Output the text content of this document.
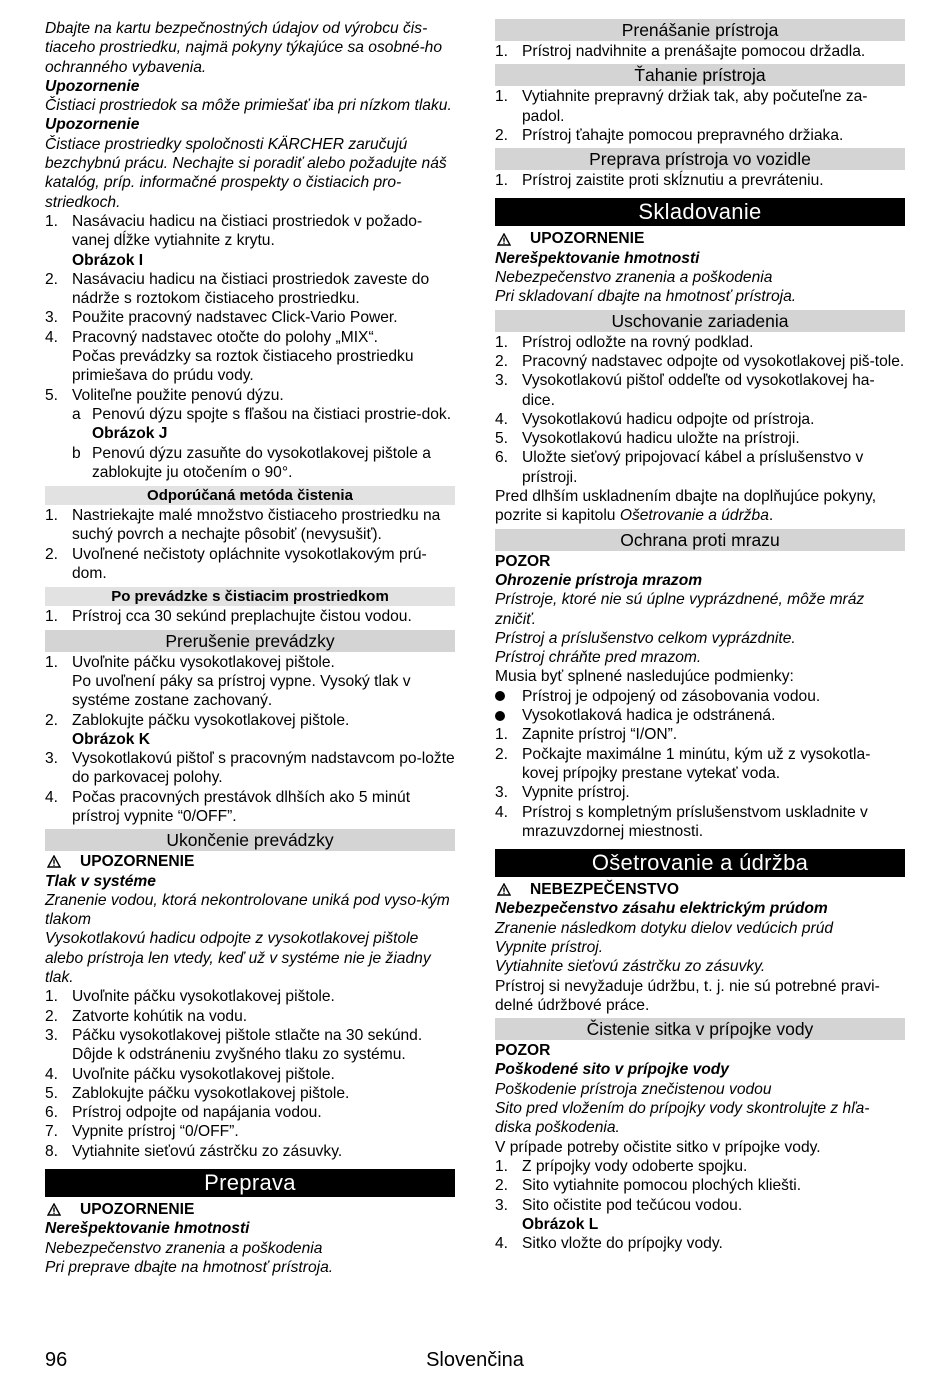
Dbajte na kartu bezpečnostných údajov od výrobcu čis-tiaceho prostriedku, najmä pokyny týkajúce sa osobné-ho ochranného vybavenia.

Upozornenie

Čistiaci prostriedok sa môže primiešať iba pri nízkom tlaku.

Upozornenie

Čistiace prostriedky spoločnosti KÄRCHER zaručujú bezchybnú prácu. Nechajte si poradiť alebo požadujte náš katalóg, príp. informačné prospekty o čistiacich pro-striedkoch.

1. Nasávaciu hadicu na čistiaci prostriedok v požado-vanej dĺžke vytiahnite z krytu.
Obrázok I
2. Nasávaciu hadicu na čistiaci prostriedok zaveste do nádrže s roztokom čistiaceho prostriedku.
3. Použite pracovný nadstavec Click-Vario Power.
4. Pracovný nadstavec otočte do polohy „MIX“.
Počas prevádzky sa roztok čistiaceho prostriedku primiešava do prúdu vody.
5. Voliteľne použite penovú dýzu.
a Penovú dýzu spojte s fľašou na čistiaci prostrie-dok.
Obrázok J
b Penovú dýzu zasuňte do vysokotlakovej pištole a zablokujte ju otočením o 90°.
Odporúčaná metóda čistenia
1. Nastriekajte malé množstvo čistiaceho prostriedku na suchý povrch a nechajte pôsobiť (nevysušiť).
2. Uvoľnené nečistoty opláchnite vysokotlakovým prú-dom.
Po prevádzke s čistiacim prostriedkom
1. Prístroj cca 30 sekúnd preplachujte čistou vodou.
Prerušenie prevádzky
1. Uvoľnite páčku vysokotlakovej pištole.
Po uvoľnení páky sa prístroj vypne. Vysoký tlak v systéme zostane zachovaný.
2. Zablokujte páčku vysokotlakovej pištole.
Obrázok K
3. Vysokotlakovú pištoľ s pracovným nadstavcom po-ložte do parkovacej polohy.
4. Počas pracovných prestávok dlhších ako 5 minút prístroj vypnite “0/OFF”.
Ukončenie prevádzky
UPOZORNENIE

Tlak v systéme

Zranenie vodou, ktorá nekontrolovane uniká pod vyso-kým tlakom

Vysokotlakovú hadicu odpojte z vysokotlakovej pištole alebo prístroja len vtedy, keď už v systéme nie je žiadny tlak.

1. Uvoľnite páčku vysokotlakovej pištole.
2. Zatvorte kohútik na vodu.
3. Páčku vysokotlakovej pištole stlačte na 30 sekúnd.
Dôjde k odstráneniu zvyšného tlaku zo systému.
4. Uvoľnite páčku vysokotlakovej pištole.
5. Zablokujte páčku vysokotlakovej pištole.
6. Prístroj odpojte od napájania vodou.
7. Vypnite prístroj “0/OFF”.
8. Vytiahnite sieťovú zástrčku zo zásuvky.
Preprava
UPOZORNENIE

Nerešpektovanie hmotnosti

Nebezpečenstvo zranenia a poškodenia

Pri preprave dbajte na hmotnosť prístroja.

Prenášanie prístroja
1. Prístroj nadvihnite a prenášajte pomocou držadla.
Ťahanie prístroja
1. Vytiahnite prepravný držiak tak, aby počuteľne za-padol.
2. Prístroj ťahajte pomocou prepravného držiaka.
Preprava prístroja vo vozidle
1. Prístroj zaistite proti skĺznutiu a prevráteniu.
Skladovanie
UPOZORNENIE

Nerešpektovanie hmotnosti

Nebezpečenstvo zranenia a poškodenia

Pri skladovaní dbajte na hmotnosť prístroja.

Uschovanie zariadenia
1. Prístroj odložte na rovný podklad.
2. Pracovný nadstavec odpojte od vysokotlakovej piš-tole.
3. Vysokotlakovú pištoľ oddeľte od vysokotlakovej ha-dice.
4. Vysokotlakovú hadicu odpojte od prístroja.
5. Vysokotlakovú hadicu uložte na prístroji.
6. Uložte sieťový pripojovací kábel a príslušenstvo v prístroji.

Pred dlhším uskladnením dbajte na doplňujúce pokyny, pozrite si kapitolu Ošetrovanie a údržba.

Ochrana proti mrazu

POZOR

Ohrozenie prístroja mrazom

Prístroje, ktoré nie sú úplne vyprázdnené, môže mráz zničiť.

Prístroj a príslušenstvo celkom vyprázdnite.

Prístroj chráňte pred mrazom.

Musia byť splnené nasledujúce podmienky:

Prístroj je odpojený od zásobovania vodou.
Vysokotlaková hadica je odstránená.
1. Zapnite prístroj “I/ON”.
2. Počkajte maximálne 1 minútu, kým už z vysokotla-kovej prípojky prestane vytekať voda.
3. Vypnite prístroj.
4. Prístroj s kompletným príslušenstvom uskladnite v mrazuvzdornej miestnosti.
Ošetrovanie a údržba
NEBEZPEČENSTVO

Nebezpečenstvo zásahu elektrickým prúdom

Zranenie následkom dotyku dielov vedúcich prúd

Vypnite prístroj.

Vytiahnite sieťovú zástrčku zo zásuvky.

Prístroj si nevyžaduje údržbu, t. j. nie sú potrebné pravi-delné údržbové práce.

Čistenie sitka v prípojke vody

POZOR

Poškodené sito v prípojke vody

Poškodenie prístroja znečistenou vodou

Sito pred vložením do prípojky vody skontrolujte z hľa-diska poškodenia.

V prípade potreby očistite sitko v prípojke vody.

1. Z prípojky vody odoberte spojku.
2. Sito vytiahnite pomocou plochých kliešti.
3. Sito očistite pod tečúcou vodou.
Obrázok L
4. Sitko vložte do prípojky vody.
96	Slovenčina
